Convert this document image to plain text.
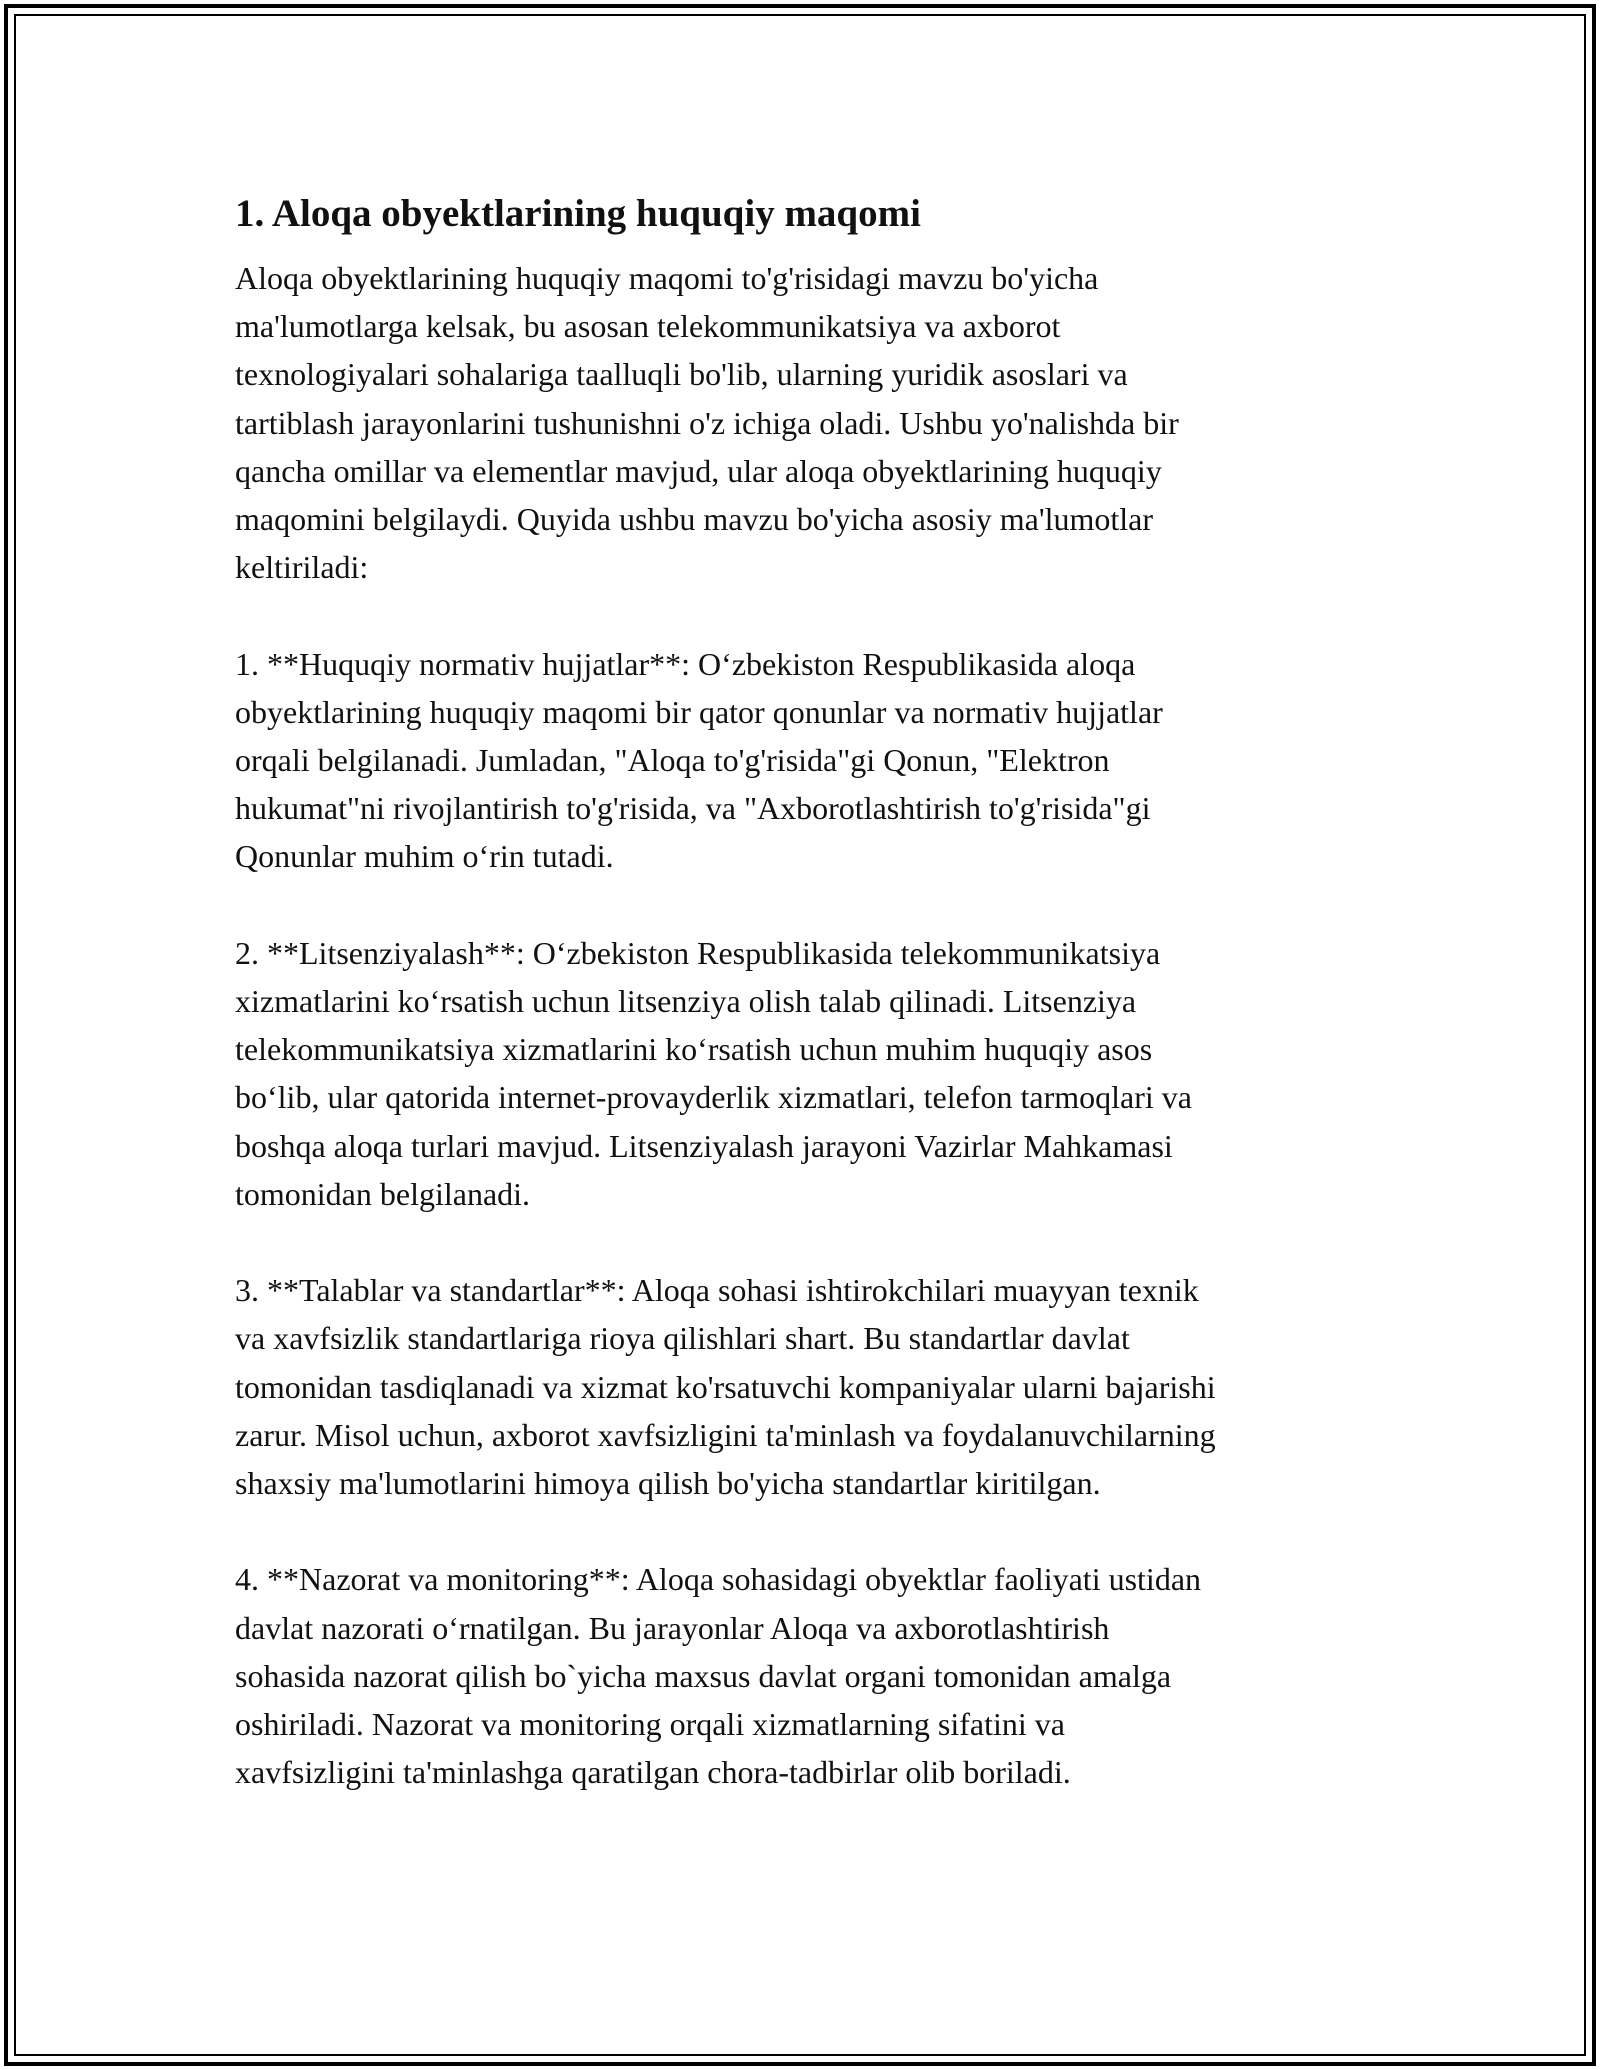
1. Aloqa obyektlarining huquqiy maqomi

Aloqa obyektlarining huquqiy maqomi to'g'risidagi mavzu bo'yicha
ma'lumotlarga kelsak, bu asosan telekommunikatsiya va axborot
texnologiyalari sohalariga taalluqli bo'lib, ularning yuridik asoslari va
tartiblash jarayonlarini tushunishni o'z ichiga oladi. Ushbu yo'nalishda bir
qancha omillar va elementlar mavjud, ular aloqa obyektlarining huquqiy
maqomini belgilaydi. Quyida ushbu mavzu bo'yicha asosiy ma'lumotlar
keltiriladi:

1. **Huquqiy normativ hujjatlar**: Oʻzbekiston Respublikasida aloqa
obyektlarining huquqiy maqomi bir qator qonunlar va normativ hujjatlar
orqali belgilanadi. Jumladan, "Aloqa to'g'risida"gi Qonun, "Elektron
hukumat"ni rivojlantirish to'g'risida, va "Axborotlashtirish to'g'risida"gi
Qonunlar muhim oʻrin tutadi.

2. **Litsenziyalash**: Oʻzbekiston Respublikasida telekommunikatsiya
xizmatlarini koʻrsatish uchun litsenziya olish talab qilinadi. Litsenziya
telekommunikatsiya xizmatlarini koʻrsatish uchun muhim huquqiy asos
boʻlib, ular qatorida internet-provayderlik xizmatlari, telefon tarmoqlari va
boshqa aloqa turlari mavjud. Litsenziyalash jarayoni Vazirlar Mahkamasi
tomonidan belgilanadi.

3. **Talablar va standartlar**: Aloqa sohasi ishtirokchilari muayyan texnik
va xavfsizlik standartlariga rioya qilishlari shart. Bu standartlar davlat
tomonidan tasdiqlanadi va xizmat ko'rsatuvchi kompaniyalar ularni bajarishi
zarur. Misol uchun, axborot xavfsizligini ta'minlash va foydalanuvchilarning
shaxsiy ma'lumotlarini himoya qilish bo'yicha standartlar kiritilgan.

4. **Nazorat va monitoring**: Aloqa sohasidagi obyektlar faoliyati ustidan
davlat nazorati oʻrnatilgan. Bu jarayonlar Aloqa va axborotlashtirish
sohasida nazorat qilish bo`yicha maxsus davlat organi tomonidan amalga
oshiriladi. Nazorat va monitoring orqali xizmatlarning sifatini va
xavfsizligini ta'minlashga qaratilgan chora-tadbirlar olib boriladi.
